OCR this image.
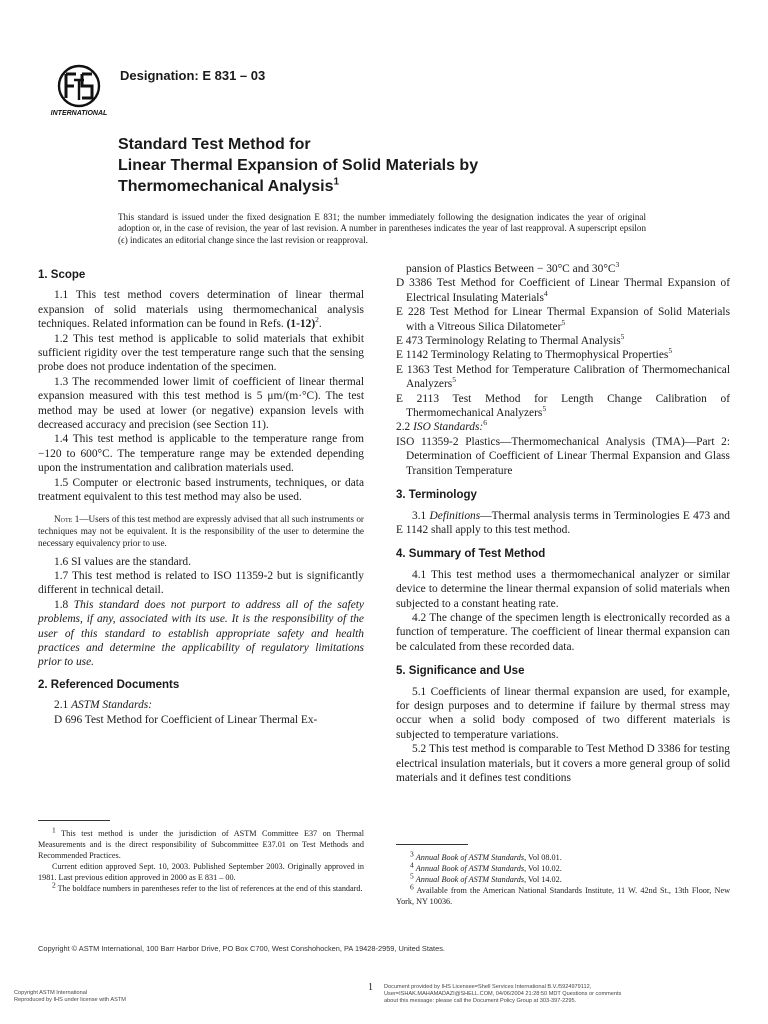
INTERNATIONAL
Designation: E 831 – 03
Standard Test Method for
Linear Thermal Expansion of Solid Materials by
Thermomechanical Analysis$^1$
This standard is issued under the fixed designation E 831; the number immediately following the designation indicates the year of original adoption or, in the case of revision, the year of last revision. A number in parentheses indicates the year of last reapproval. A superscript epsilon (ϵ) indicates an editorial change since the last revision or reapproval.
1. Scope
1.1 This test method covers determination of linear thermal expansion of solid materials using thermomechanical analysis techniques. Related information can be found in Refs. $(1-12)^2$.
1.2 This test method is applicable to solid materials that exhibit sufficient rigidity over the test temperature range such that the sensing probe does not produce indentation of the specimen.
1.3 The recommended lower limit of coefficient of linear thermal expansion measured with this test method is 5 μm/(m·°C). The test method may be used at lower (or negative) expansion levels with decreased accuracy and precision (see Section 11).
1.4 This test method is applicable to the temperature range from −120 to 600°C. The temperature range may be extended depending upon the instrumentation and calibration materials used.
1.5 Computer or electronic based instruments, techniques, or data treatment equivalent to this test method may also be used.
Note 1—Users of this test method are expressly advised that all such instruments or techniques may not be equivalent. It is the responsibility of the user to determine the necessary equivalency prior to use.
1.6 SI values are the standard.
1.7 This test method is related to ISO 11359-2 but is significantly different in technical detail.
1.8 This standard does not purport to address all of the safety problems, if any, associated with its use. It is the responsibility of the user of this standard to establish appropriate safety and health practices and determine the applicability of regulatory limitations prior to use.
2. Referenced Documents
2.1 ASTM Standards:
D 696 Test Method for Coefficient of Linear Thermal Ex-
pansion of Plastics Between − 30°C and $30^\circ C^3$
D 3386 Test Method for Coefficient of Linear Thermal Expansion of Electrical Insulating Materials$^4$
E 228 Test Method for Linear Thermal Expansion of Solid Materials with a Vitreous Silica Dilatometer$^5$
E 473 Terminology Relating to Thermal Analysis$^5$
E 1142 Terminology Relating to Thermophysical Properties$^5$
E 1363 Test Method for Temperature Calibration of Thermomechanical Analyzers$^5$
E 2113 Test Method for Length Change Calibration of Thermomechanical Analyzers$^5$
2.2 ISO Standards:$^6$
ISO 11359-2 Plastics—Thermomechanical Analysis (TMA)—Part 2: Determination of Coefficient of Linear Thermal Expansion and Glass Transition Temperature
3. Terminology
3.1 Definitions—Thermal analysis terms in Terminologies E 473 and E 1142 shall apply to this test method.
4. Summary of Test Method
4.1 This test method uses a thermomechanical analyzer or similar device to determine the linear thermal expansion of solid materials when subjected to a constant heating rate.
4.2 The change of the specimen length is electronically recorded as a function of temperature. The coefficient of linear thermal expansion can be calculated from these recorded data.
5. Significance and Use
5.1 Coefficients of linear thermal expansion are used, for example, for design purposes and to determine if failure by thermal stress may occur when a solid body composed of two different materials is subjected to temperature variations.
5.2 This test method is comparable to Test Method D 3386 for testing electrical insulation materials, but it covers a more general group of solid materials and it defines test conditions
$^1$ This test method is under the jurisdiction of ASTM Committee E37 on Thermal Measurements and is the direct responsibility of Subcommittee E37.01 on Test Methods and Recommended Practices.
Current edition approved Sept. 10, 2003. Published September 2003. Originally approved in 1981. Last previous edition approved in 2000 as E 831 – 00.
$^2$ The boldface numbers in parentheses refer to the list of references at the end of this standard.
$^3$ Annual Book of ASTM Standards, Vol 08.01.
$^4$ Annual Book of ASTM Standards, Vol 10.02.
$^5$ Annual Book of ASTM Standards, Vol 14.02.
$^6$ Available from the American National Standards Institute, 11 W. 42nd St., 13th Floor, New York, NY 10036.
Copyright © ASTM International, 100 Barr Harbor Drive, PO Box C700, West Conshohocken, PA 19428-2959, United States.
Copyright ASTM International
Reproduced by IHS under license with ASTM
1 Document provided by IHS Licensee=Shell Services International B.V./5924979112,
User=ISHAK.MAHAMADAZI@SHELL.COM, 04/06/2004 21:28:50 MDT Questions or comments
about this message: please call the Document Policy Group at 303-397-2295.
